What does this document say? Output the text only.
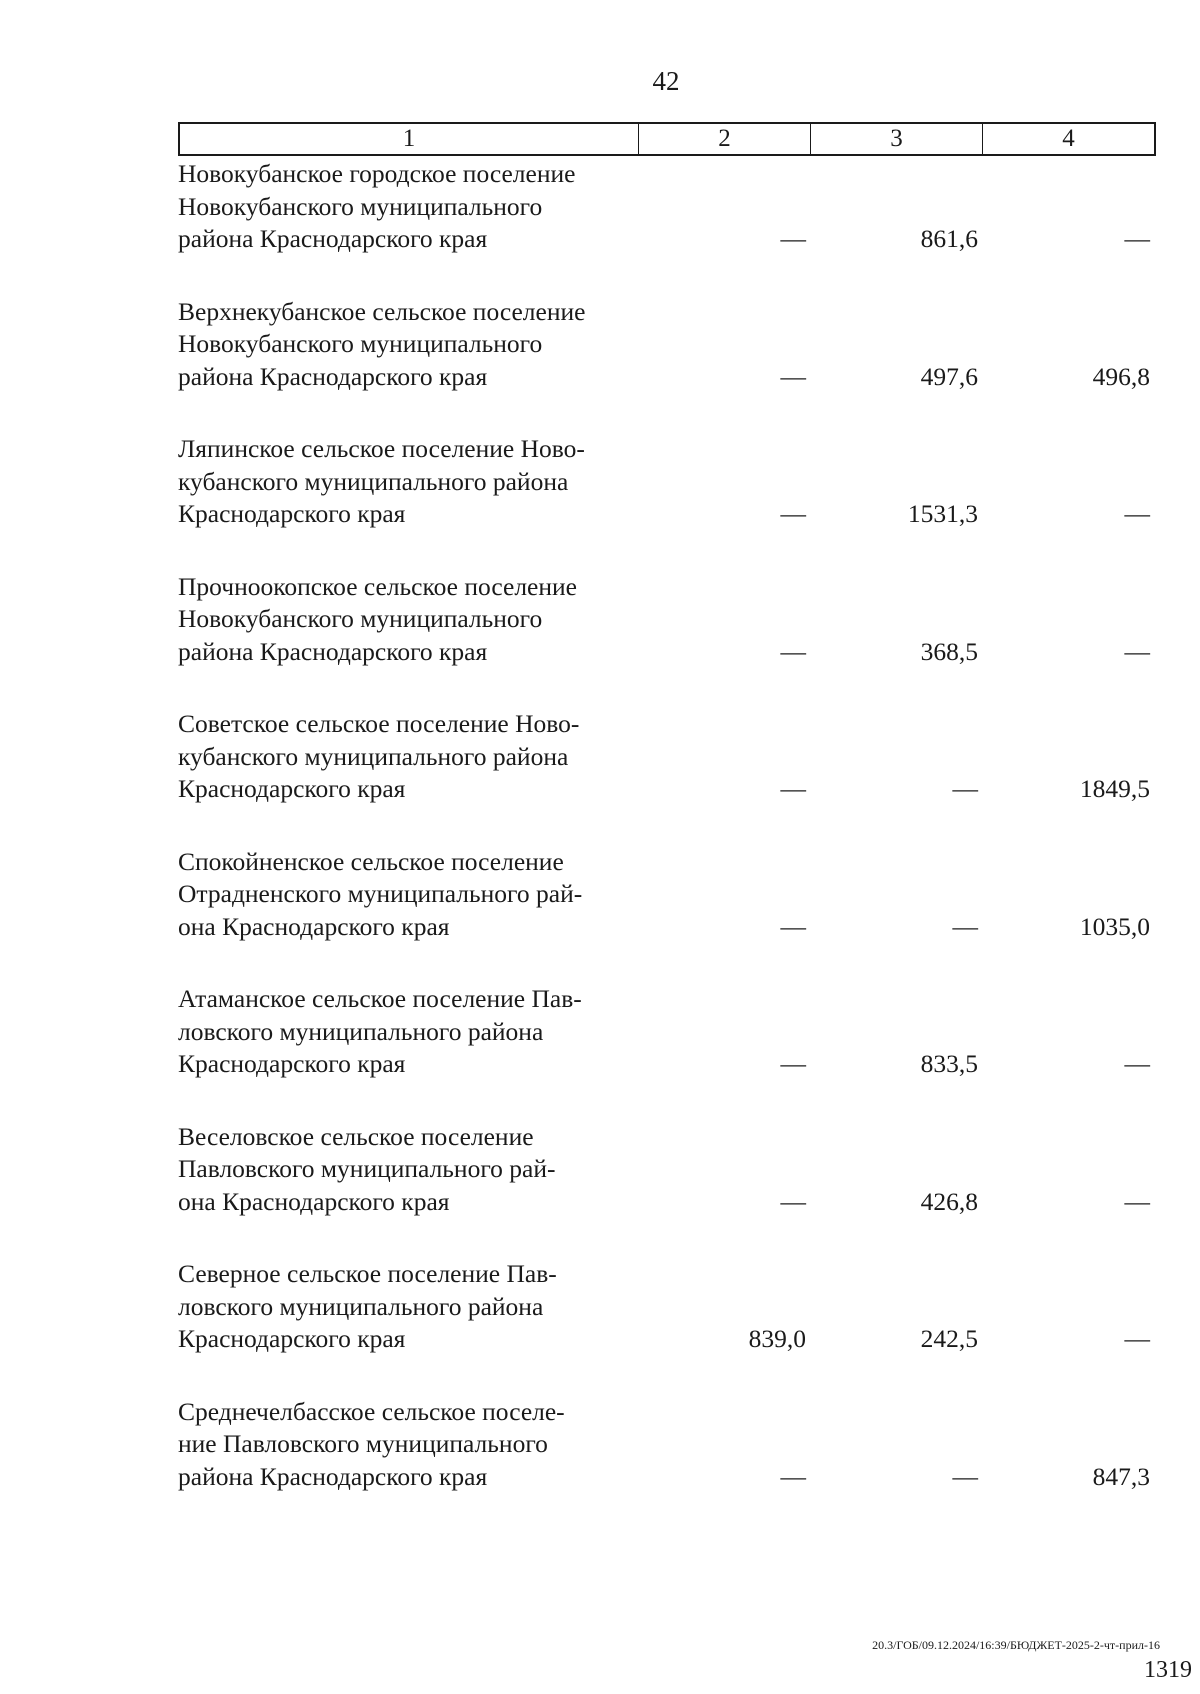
42
1	2	3	4
Новокубанское городское поселение
Новокубанского муниципального
района Краснодарского края	—	861,6	—
Верхнекубанское сельское поселение
Новокубанского муниципального
района Краснодарского края	—	497,6	496,8
Ляпинское сельское поселение Ново-
кубанского муниципального района
Краснодарского края	—	1531,3	—
Прочноокопское сельское поселение
Новокубанского муниципального
района Краснодарского края	—	368,5	—
Советское сельское поселение Ново-
кубанского муниципального района
Краснодарского края	—	—	1849,5
Спокойненское сельское поселение
Отрадненского муниципального рай-
она Краснодарского края	—	—	1035,0
Атаманское сельское поселение Пав-
ловского муниципального района
Краснодарского края	—	833,5	—
Веселовское сельское поселение
Павловского муниципального рай-
она Краснодарского края	—	426,8	—
Северное сельское поселение Пав-
ловского муниципального района
Краснодарского края	839,0	242,5	—
Среднечелбасское сельское поселе-
ние Павловского муниципального
района Краснодарского края	—	—	847,3
20.3/ГОБ/09.12.2024/16:39/БЮДЖЕТ-2025-2-чт-прил-16
1319
